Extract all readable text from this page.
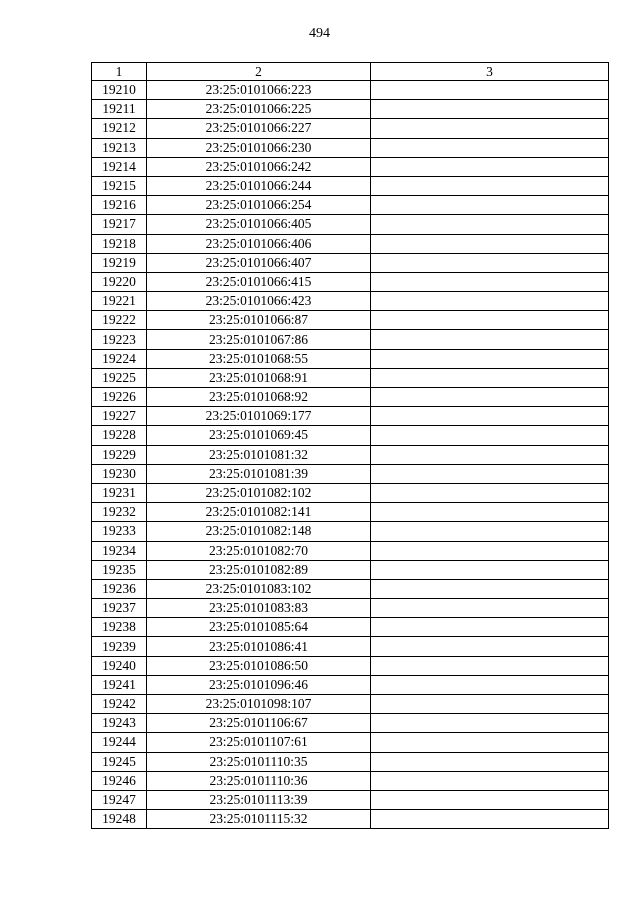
494
1	2	3
19210	23:25:0101066:223	
19211	23:25:0101066:225	
19212	23:25:0101066:227	
19213	23:25:0101066:230	
19214	23:25:0101066:242	
19215	23:25:0101066:244	
19216	23:25:0101066:254	
19217	23:25:0101066:405	
19218	23:25:0101066:406	
19219	23:25:0101066:407	
19220	23:25:0101066:415	
19221	23:25:0101066:423	
19222	23:25:0101066:87	
19223	23:25:0101067:86	
19224	23:25:0101068:55	
19225	23:25:0101068:91	
19226	23:25:0101068:92	
19227	23:25:0101069:177	
19228	23:25:0101069:45	
19229	23:25:0101081:32	
19230	23:25:0101081:39	
19231	23:25:0101082:102	
19232	23:25:0101082:141	
19233	23:25:0101082:148	
19234	23:25:0101082:70	
19235	23:25:0101082:89	
19236	23:25:0101083:102	
19237	23:25:0101083:83	
19238	23:25:0101085:64	
19239	23:25:0101086:41	
19240	23:25:0101086:50	
19241	23:25:0101096:46	
19242	23:25:0101098:107	
19243	23:25:0101106:67	
19244	23:25:0101107:61	
19245	23:25:0101110:35	
19246	23:25:0101110:36	
19247	23:25:0101113:39	
19248	23:25:0101115:32	
